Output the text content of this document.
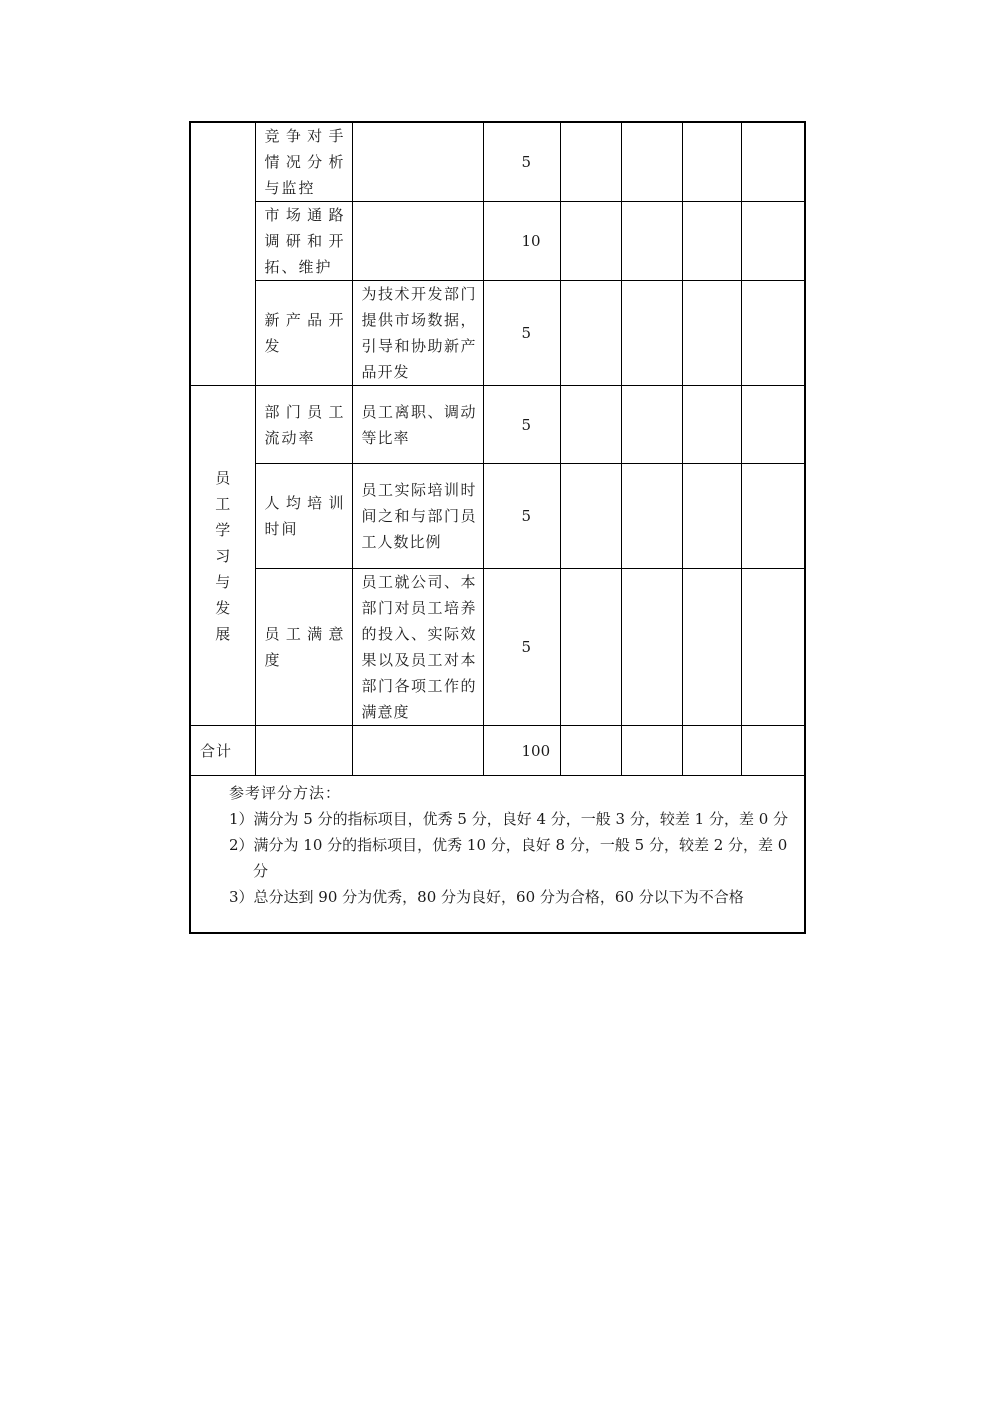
	竞争对手情况分析与监控		5				
	市场通路调研和开拓、维护		10				
	新产品开发	为技术开发部门提供市场数据，引导和协助新产品开发	5				
员工学习与发展	部门员工流动率	员工离职、调动等比率	5				
	人均培训时间	员工实际培训时间之和与部门员工人数比例	5				
	员工满意度	员工就公司、本部门对员工培养的投入、实际效果以及员工对本部门各项工作的满意度	5				
合计			100				

参考评分方法：
1）满分为 5 分的指标项目，优秀 5 分，良好 4 分，一般 3 分，较差 1 分，差 0 分
2）满分为 10 分的指标项目，优秀 10 分，良好 8 分，一般 5 分，较差 2 分，差 0 分
3）总分达到 90 分为优秀，80 分为良好，60 分为合格，60 分以下为不合格							
